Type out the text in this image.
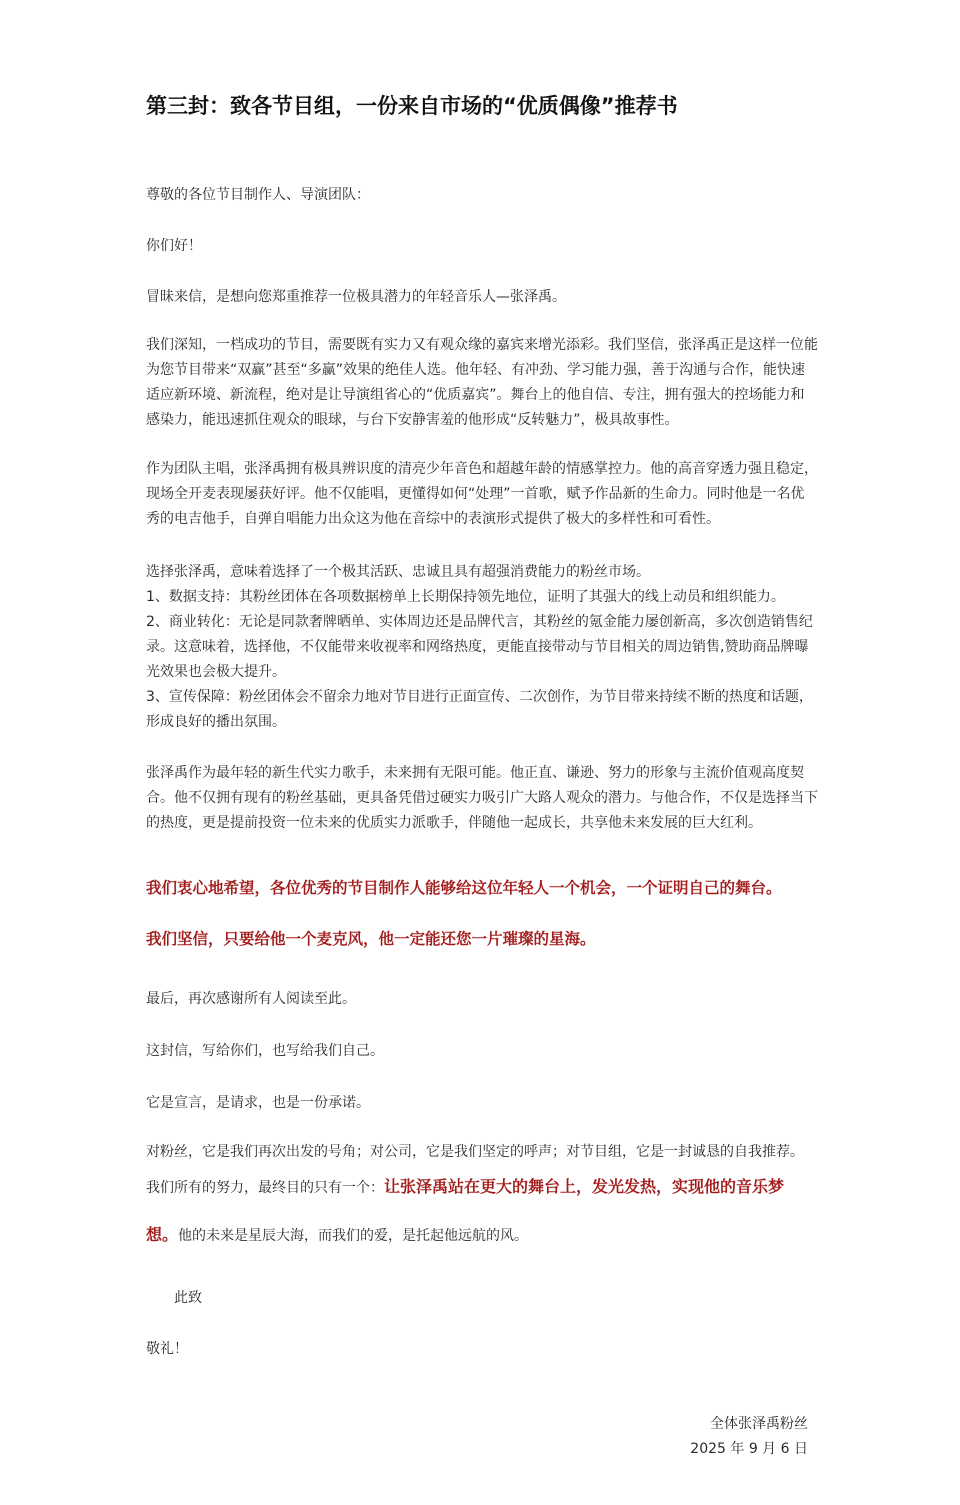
第三封：致各节目组，一份来自市场的“优质偶像”推荐书
尊敬的各位节目制作人、导演团队：
你们好！
冒昧来信，是想向您郑重推荐一位极具潜力的年轻音乐人—张泽禹。
我们深知，一档成功的节目，需要既有实力又有观众缘的嘉宾来增光添彩。我们坚信，张泽禹正是这样一位能为您节目带来“双赢”甚至“多赢”效果的绝佳人选。他年轻、有冲劲、学习能力强，善于沟通与合作，能快速适应新环境、新流程，绝对是让导演组省心的“优质嘉宾”。舞台上的他自信、专注，拥有强大的控场能力和感染力，能迅速抓住观众的眼球，与台下安静害羞的他形成“反转魅力”，极具故事性。
作为团队主唱，张泽禹拥有极具辨识度的清亮少年音色和超越年龄的情感掌控力。他的高音穿透力强且稳定，现场全开麦表现屡获好评。他不仅能唱，更懂得如何“处理”一首歌，赋予作品新的生命力。同时他是一名优秀的电吉他手，自弹自唱能力出众这为他在音综中的表演形式提供了极大的多样性和可看性。
选择张泽禹，意味着选择了一个极其活跃、忠诚且具有超强消费能力的粉丝市场。
1、数据支持：其粉丝团体在各项数据榜单上长期保持领先地位，证明了其强大的线上动员和组织能力。
2、商业转化：无论是同款奢牌晒单、实体周边还是品牌代言，其粉丝的氪金能力屡创新高，多次创造销售纪录。这意味着，选择他，不仅能带来收视率和网络热度，更能直接带动与节目相关的周边销售,赞助商品牌曝光效果也会极大提升。
3、宣传保障：粉丝团体会不留余力地对节目进行正面宣传、二次创作，为节目带来持续不断的热度和话题，形成良好的播出氛围。
张泽禹作为最年轻的新生代实力歌手，未来拥有无限可能。他正直、谦逊、努力的形象与主流价值观高度契合。他不仅拥有现有的粉丝基础，更具备凭借过硬实力吸引广大路人观众的潜力。与他合作，不仅是选择当下的热度，更是提前投资一位未来的优质实力派歌手，伴随他一起成长，共享他未来发展的巨大红利。
我们衷心地希望，各位优秀的节目制作人能够给这位年轻人一个机会，一个证明自己的舞台。
我们坚信，只要给他一个麦克风，他一定能还您一片璀璨的星海。
最后，再次感谢所有人阅读至此。
这封信，写给你们，也写给我们自己。
它是宣言，是请求，也是一份承诺。
对粉丝，它是我们再次出发的号角；对公司，它是我们坚定的呼声；对节目组，它是一封诚恳的自我推荐。
我们所有的努力，最终目的只有一个：让张泽禹站在更大的舞台上，发光发热，实现他的音乐梦
想。他的未来是星辰大海，而我们的爱，是托起他远航的风。
此致
敬礼！
全体张泽禹粉丝
2025 年 9 月 6 日
